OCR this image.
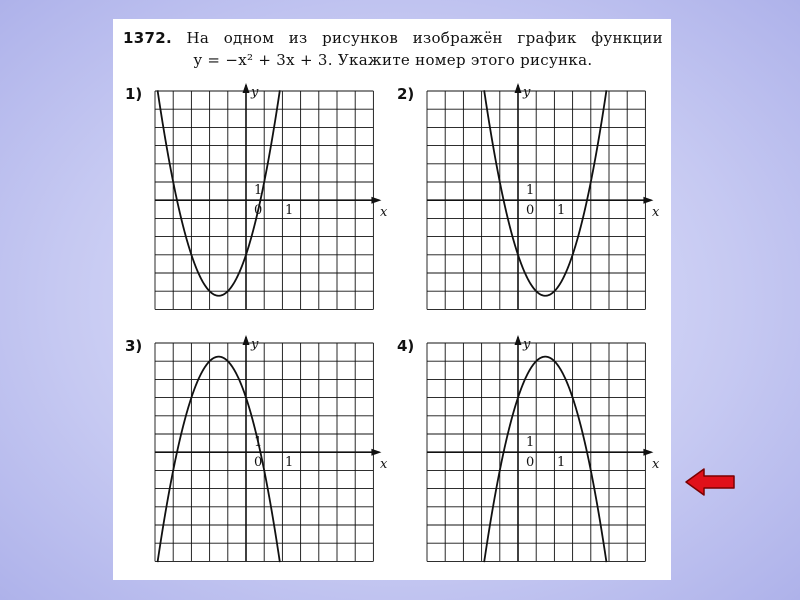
1372. На одном из рисунков изображён график функции
y = −x² + 3x + 3. Укажите номер этого рисунка.
1)	y
x
0 1
1
2)	y
x
0 1
1
3)	y
x
0 1
1
4)	y
x
0 1
1
